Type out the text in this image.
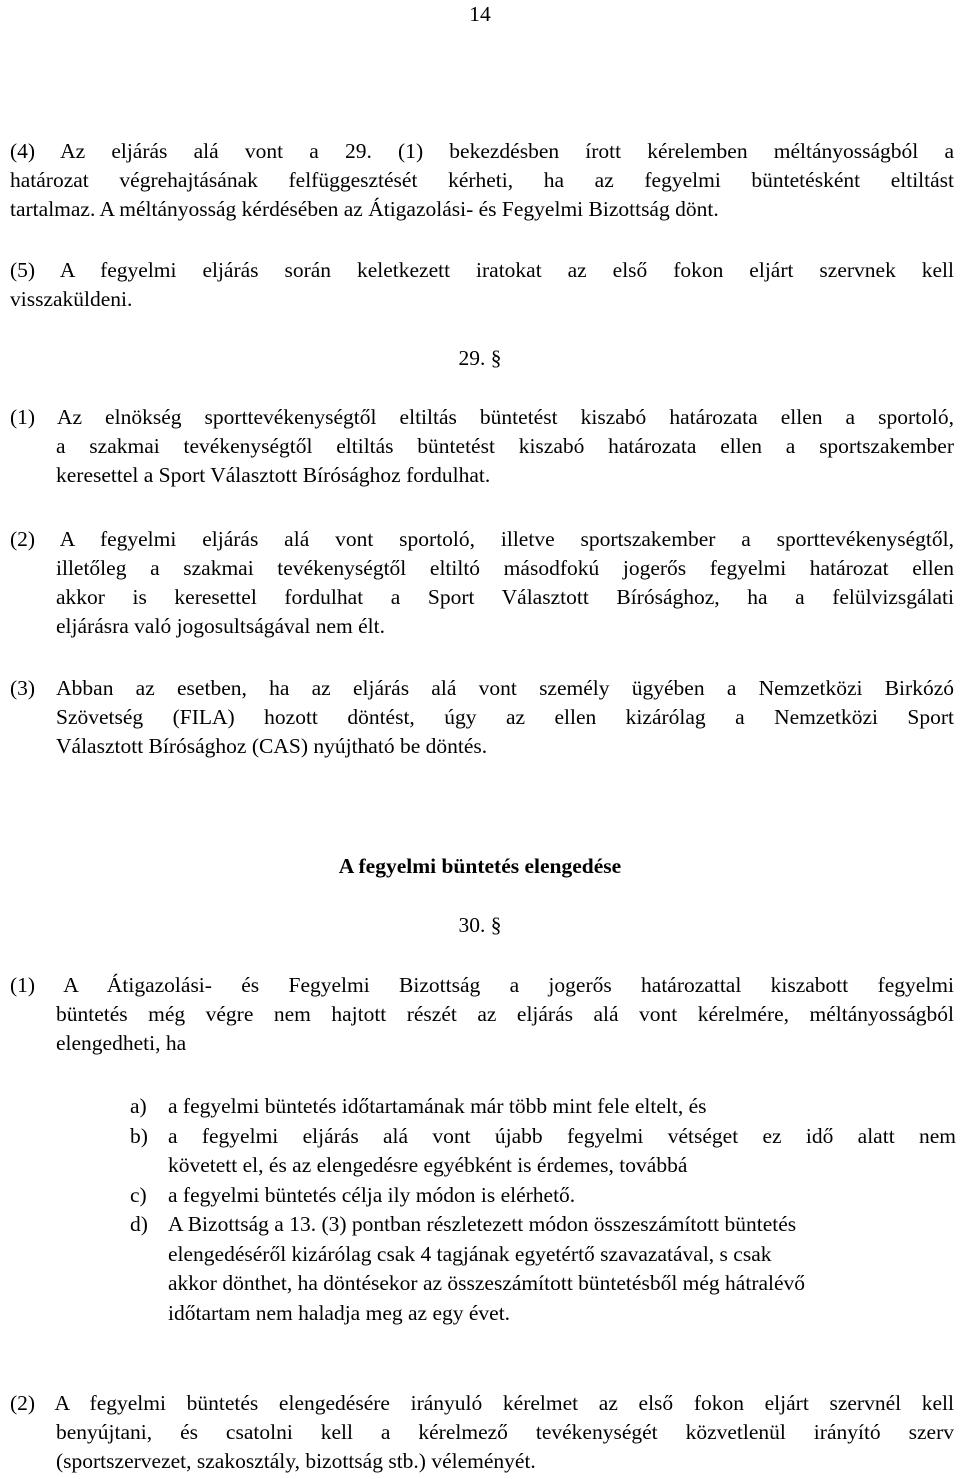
14
(4) Az eljárás alá vont a 29. (1) bekezdésben írott kérelemben méltányosságból a
határozat végrehajtásának felfüggesztését kérheti, ha az fegyelmi büntetésként eltiltást
tartalmaz. A méltányosság kérdésében az Átigazolási- és Fegyelmi Bizottság dönt.
(5) A fegyelmi eljárás során keletkezett iratokat az első fokon eljárt szervnek kell
visszaküldeni.
29. §
(1) Az elnökség sporttevékenységtől eltiltás büntetést kiszabó határozata ellen a sportoló,
a szakmai tevékenységtől eltiltás büntetést kiszabó határozata ellen a sportszakember
keresettel a Sport Választott Bírósághoz fordulhat.
(2) A fegyelmi eljárás alá vont sportoló, illetve sportszakember a sporttevékenységtől,
illetőleg a szakmai tevékenységtől eltiltó másodfokú jogerős fegyelmi határozat ellen
akkor is keresettel fordulhat a Sport Választott Bírósághoz, ha a felülvizsgálati
eljárásra való jogosultságával nem élt.
(3) Abban az esetben, ha az eljárás alá vont személy ügyében a Nemzetközi Birkózó
Szövetség (FILA) hozott döntést, úgy az ellen kizárólag a Nemzetközi Sport
Választott Bírósághoz (CAS) nyújtható be döntés.
A fegyelmi büntetés elengedése
30. §
(1) A Átigazolási- és Fegyelmi Bizottság a jogerős határozattal kiszabott fegyelmi
büntetés még végre nem hajtott részét az eljárás alá vont kérelmére, méltányosságból
elengedheti, ha
a) a fegyelmi büntetés időtartamának már több mint fele eltelt, és
b) a fegyelmi eljárás alá vont újabb fegyelmi vétséget ez idő alatt nem
követett el, és az elengedésre egyébként is érdemes, továbbá
c) a fegyelmi büntetés célja ily módon is elérhető.
d) A Bizottság a 13. (3) pontban részletezett módon összeszámított büntetés
elengedéséről kizárólag csak 4 tagjának egyetértő szavazatával, s csak
akkor dönthet, ha döntésekor az összeszámított büntetésből még hátralévő
időtartam nem haladja meg az egy évet.
(2) A fegyelmi büntetés elengedésére irányuló kérelmet az első fokon eljárt szervnél kell
benyújtani, és csatolni kell a kérelmező tevékenységét közvetlenül irányító szerv
(sportszervezet, szakosztály, bizottság stb.) véleményét.
